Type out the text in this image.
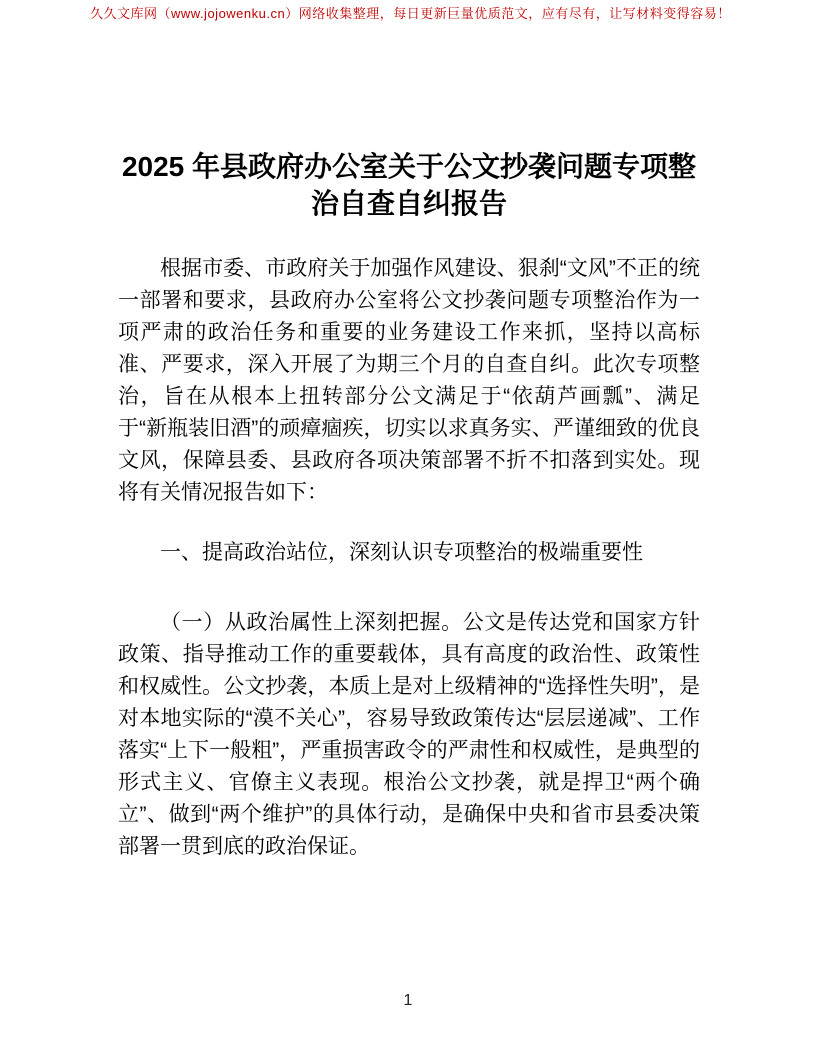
久久文库网（www.jojowenku.cn）网络收集整理，每日更新巨量优质范文，应有尽有，让写材料变得容易！
2025 年县政府办公室关于公文抄袭问题专项整治自查自纠报告

根据市委、市政府关于加强作风建设、狠刹“文风”不正的统一部署和要求，县政府办公室将公文抄袭问题专项整治作为一项严肃的政治任务和重要的业务建设工作来抓，坚持以高标准、严要求，深入开展了为期三个月的自查自纠。此次专项整治，旨在从根本上扭转部分公文满足于“依葫芦画瓢”、满足于“新瓶装旧酒”的顽瘴痼疾，切实以求真务实、严谨细致的优良文风，保障县委、县政府各项决策部署不折不扣落到实处。现将有关情况报告如下：

一、提高政治站位，深刻认识专项整治的极端重要性

（一）从政治属性上深刻把握。公文是传达党和国家方针政策、指导推动工作的重要载体，具有高度的政治性、政策性和权威性。公文抄袭，本质上是对上级精神的“选择性失明”，是对本地实际的“漠不关心”，容易导致政策传达“层层递减”、工作落实“上下一般粗”，严重损害政令的严肃性和权威性，是典型的形式主义、官僚主义表现。根治公文抄袭，就是捍卫“两个确立”、做到“两个维护”的具体行动，是确保中央和省市县委决策部署一贯到底的政治保证。

1
